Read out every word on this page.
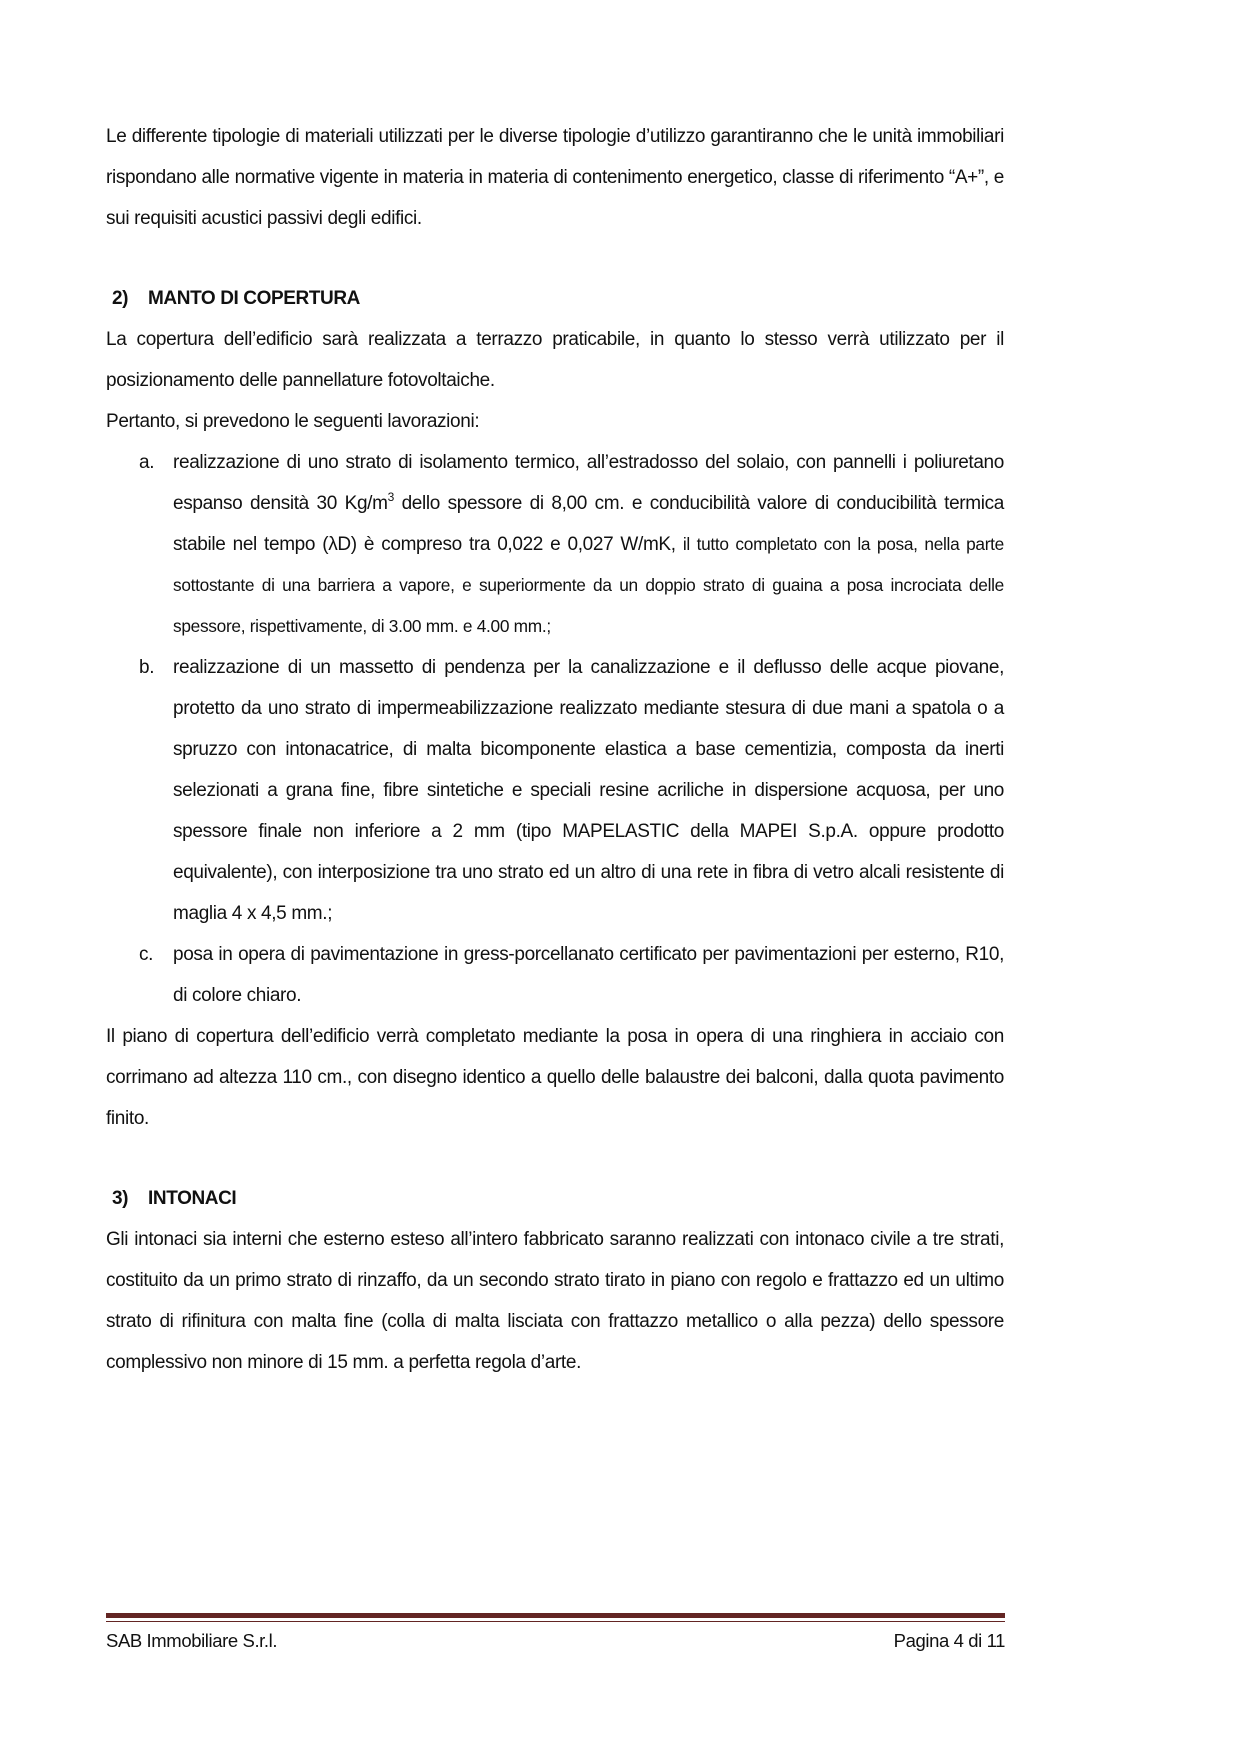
Le differente tipologie di materiali utilizzati per le diverse tipologie d’utilizzo garantiranno che le unità immobiliari rispondano alle normative vigente in materia in materia di contenimento energetico, classe di riferimento “A+”, e sui requisiti acustici passivi degli edifici.

2) MANTO DI COPERTURA

La copertura dell’edificio sarà realizzata a terrazzo praticabile, in quanto lo stesso verrà utilizzato per il posizionamento delle pannellature fotovoltaiche.

Pertanto, si prevedono le seguenti lavorazioni:

a. realizzazione di uno strato di isolamento termico, all’estradosso del solaio, con pannelli i poliuretano espanso densità 30 $Kg/m^3$ dello spessore di 8,00 cm. e conducibilità valore di conducibilità termica stabile nel tempo (λD) è compreso tra 0,022 e 0,027 W/mK, il tutto completato con la posa, nella parte sottostante di una barriera a vapore, e superiormente da un doppio strato di guaina a posa incrociata delle spessore, rispettivamente, di 3.00 mm. e 4.00 mm.;
b. realizzazione di un massetto di pendenza per la canalizzazione e il deflusso delle acque piovane, protetto da uno strato di impermeabilizzazione realizzato mediante stesura di due mani a spatola o a spruzzo con intonacatrice, di malta bicomponente elastica a base cementizia, composta da inerti selezionati a grana fine, fibre sintetiche e speciali resine acriliche in dispersione acquosa, per uno spessore finale non inferiore a 2 mm (tipo MAPELASTIC della MAPEI S.p.A. oppure prodotto equivalente), con interposizione tra uno strato ed un altro di una rete in fibra di vetro alcali resistente di maglia 4 x 4,5 mm.;
c. posa in opera di pavimentazione in gress-porcellanato certificato per pavimentazioni per esterno, R10, di colore chiaro.

Il piano di copertura dell’edificio verrà completato mediante la posa in opera di una ringhiera in acciaio con corrimano ad altezza 110 cm., con disegno identico a quello delle balaustre dei balconi, dalla quota pavimento finito.

3) INTONACI

Gli intonaci sia interni che esterno esteso all’intero fabbricato saranno realizzati con intonaco civile a tre strati, costituito da un primo strato di rinzaffo, da un secondo strato tirato in piano con regolo e frattazzo ed un ultimo strato di rifinitura con malta fine (colla di malta lisciata con frattazzo metallico o alla pezza) dello spessore complessivo non minore di 15 mm. a perfetta regola d’arte.

SAB Immobiliare S.r.l.	Pagina 4 di 11
